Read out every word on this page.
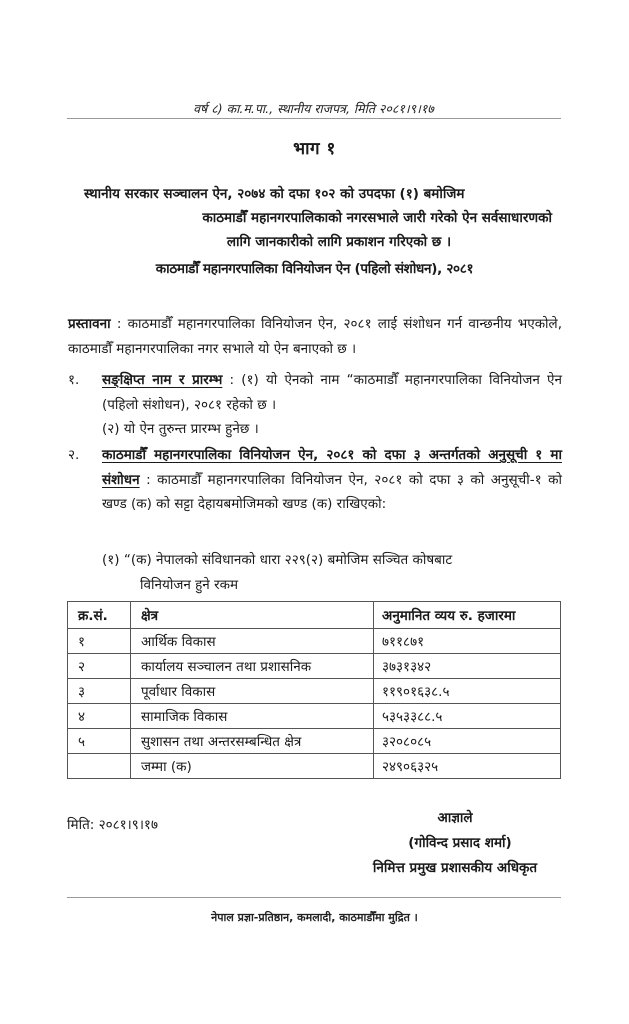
वर्ष ८) का.म.पा., स्थानीय राजपत्र, मिति २०८१।९।१७
भाग १
स्थानीय सरकार सञ्चालन ऐन, २०७४ को दफा १०२ को उपदफा (१) बमोजिम
काठमाडौँ महानगरपालिकाको नगरसभाले जारी गरेको ऐन सर्वसाधारणको
लागि जानकारीको लागि प्रकाशन गरिएको छ ।
काठमाडौँ महानगरपालिका विनियोजन ऐन (पहिलो संशोधन), २०८१
प्रस्तावना : काठमाडौँ महानगरपालिका विनियोजन ऐन, २०८१ लाई संशोधन गर्न वान्छनीय भएकोले, काठमाडौँ महानगरपालिका नगर सभाले यो ऐन बनाएको छ ।
१.	सङ्क्षिप्त नाम र प्रारम्भ : (१) यो ऐनको नाम “काठमाडौँ महानगरपालिका विनियोजन ऐन (पहिलो संशोधन), २०८१ रहेको छ ।
(२) यो ऐन तुरुन्त प्रारम्भ हुनेछ ।
२.	काठमाडौँ महानगरपालिका विनियोजन ऐन, २०८१ को दफा ३ अन्तर्गतको अनुसूची १ मा संशोधन : काठमाडौँ महानगरपालिका विनियोजन ऐन, २०८१ को दफा ३ को अनुसूची-१ को खण्ड (क) को सट्टा देहायबमोजिमको खण्ड (क) राखिएको:
(१) “(क) नेपालको संविधानको धारा २२९(२) बमोजिम सञ्चित कोषबाट
विनियोजन हुने रकम
क्र.सं.	क्षेत्र	अनुमानित व्यय रु. हजारमा
१	आर्थिक विकास	७११८७१
२	कार्यालय सञ्चालन तथा प्रशासनिक	३७३१३४२
३	पूर्वाधार विकास	११९०१६३८.५
४	सामाजिक विकास	५३५३३८८.५
५	सुशासन तथा अन्तरसम्बन्धित क्षेत्र	३२०८०८५
	जम्मा (क)	२४९०६३२५
मिति: २०८१।९।१७	आज्ञाले
(गोविन्द प्रसाद शर्मा)
निमित्त प्रमुख प्रशासकीय अधिकृत
नेपाल प्रज्ञा-प्रतिष्ठान, कमलादी, काठमाडौँमा मुद्रित ।
